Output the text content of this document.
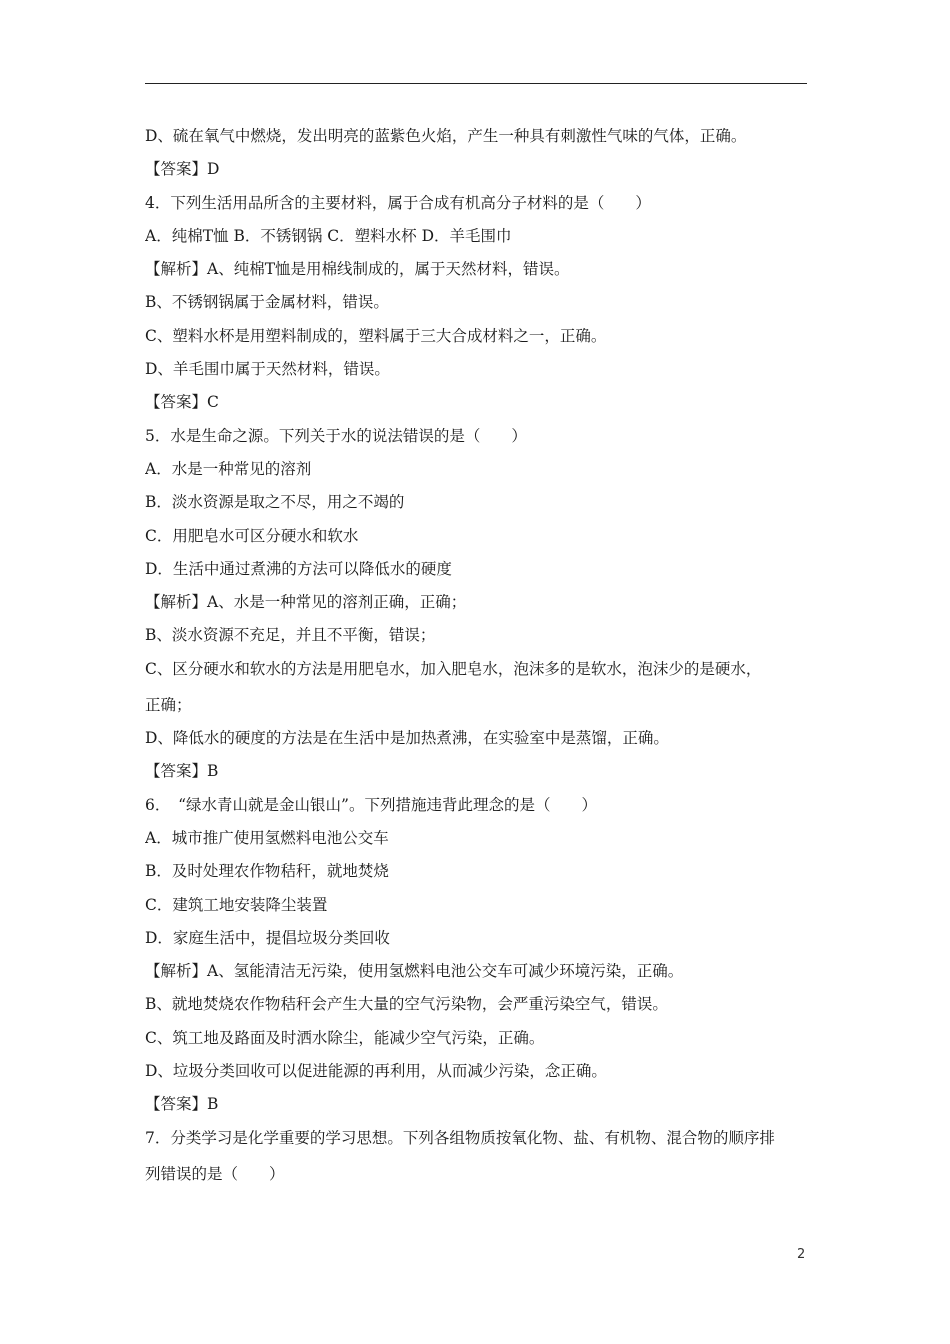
D、硫在氧气中燃烧，发出明亮的蓝紫色火焰，产生一种具有刺激性气味的气体，正确。
【答案】D
4．下列生活用品所含的主要材料，属于合成有机高分子材料的是（　　）
A．纯棉T恤 B．不锈钢锅 C．塑料水杯 D．羊毛围巾
【解析】A、纯棉T恤是用棉线制成的，属于天然材料，错误。
B、不锈钢锅属于金属材料，错误。
C、塑料水杯是用塑料制成的，塑料属于三大合成材料之一，正确。
D、羊毛围巾属于天然材料，错误。
【答案】C
5．水是生命之源。下列关于水的说法错误的是（　　）
A．水是一种常见的溶剂
B．淡水资源是取之不尽，用之不竭的
C．用肥皂水可区分硬水和软水
D．生活中通过煮沸的方法可以降低水的硬度
【解析】A、水是一种常见的溶剂正确，正确；
B、淡水资源不充足，并且不平衡，错误；
C、区分硬水和软水的方法是用肥皂水，加入肥皂水，泡沫多的是软水，泡沫少的是硬水，
正确；
D、降低水的硬度的方法是在生活中是加热煮沸，在实验室中是蒸馏，正确。
【答案】B
6．　“绿水青山就是金山银山”。下列措施违背此理念的是（　　）
A．城市推广使用氢燃料电池公交车
B．及时处理农作物秸秆，就地焚烧
C．建筑工地安装降尘装置
D．家庭生活中，提倡垃圾分类回收
【解析】A、氢能清洁无污染，使用氢燃料电池公交车可减少环境污染，正确。
B、就地焚烧农作物秸秆会产生大量的空气污染物，会严重污染空气，错误。
C、筑工地及路面及时洒水除尘，能减少空气污染，正确。
D、垃圾分类回收可以促进能源的再利用，从而减少污染，念正确。
【答案】B
7．分类学习是化学重要的学习思想。下列各组物质按氧化物、盐、有机物、混合物的顺序排
列错误的是（　　）
2
